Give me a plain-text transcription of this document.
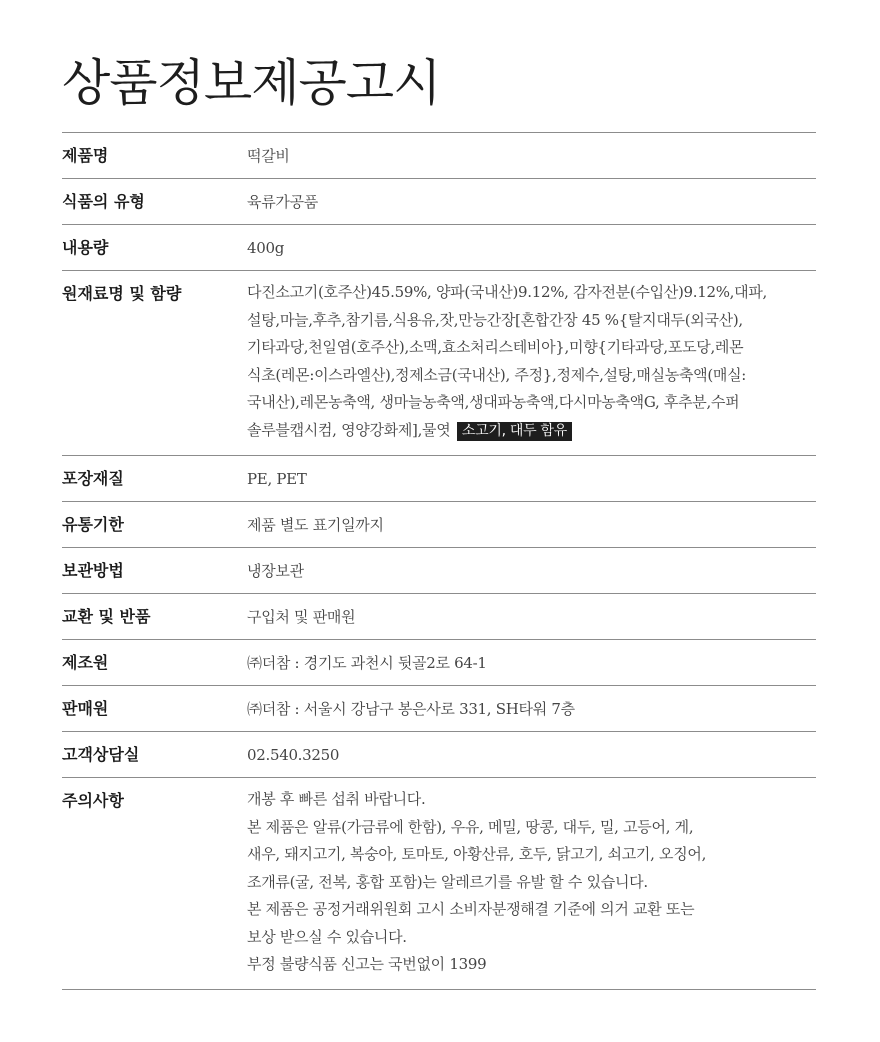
상품정보제공고시
제품명	떡갈비
식품의 유형	육류가공품
내용량	400g
원재료명 및 함량	다진소고기(호주산)45.59%, 양파(국내산)9.12%, 감자전분(수입산)9.12%,대파,
설탕,마늘,후추,참기름,식용유,잣,만능간장[혼합간장 45 %{탈지대두(외국산),
기타과당,천일염(호주산),소맥,효소처리스테비아},미향{기타과당,포도당,레몬
식초(레몬:이스라엘산),정제소금(국내산), 주정},정제수,설탕,매실농축액(매실:
국내산),레몬농축액, 생마늘농축액,생대파농축액,다시마농축액G, 후추분,수퍼
솔루블캡시컴, 영양강화제],물엿 소고기, 대두 함유
포장재질	PE, PET
유통기한	제품 별도 표기일까지
보관방법	냉장보관
교환 및 반품	구입처 및 판매원
제조원	㈜더참 : 경기도 과천시 뒷골2로 64-1
판매원	㈜더참 : 서울시 강남구 봉은사로 331, SH타워 7층
고객상담실	02.540.3250
주의사항	개봉 후 빠른 섭취 바랍니다.
본 제품은 알류(가금류에 한함), 우유, 메밀, 땅콩, 대두, 밀, 고등어, 게,
새우, 돼지고기, 복숭아, 토마토, 아황산류, 호두, 닭고기, 쇠고기, 오징어,
조개류(굴, 전복, 홍합 포함)는 알레르기를 유발 할 수 있습니다.
본 제품은 공정거래위원회 고시 소비자분쟁해결 기준에 의거 교환 또는
보상 받으실 수 있습니다.
부정 불량식품 신고는 국번없이 1399
